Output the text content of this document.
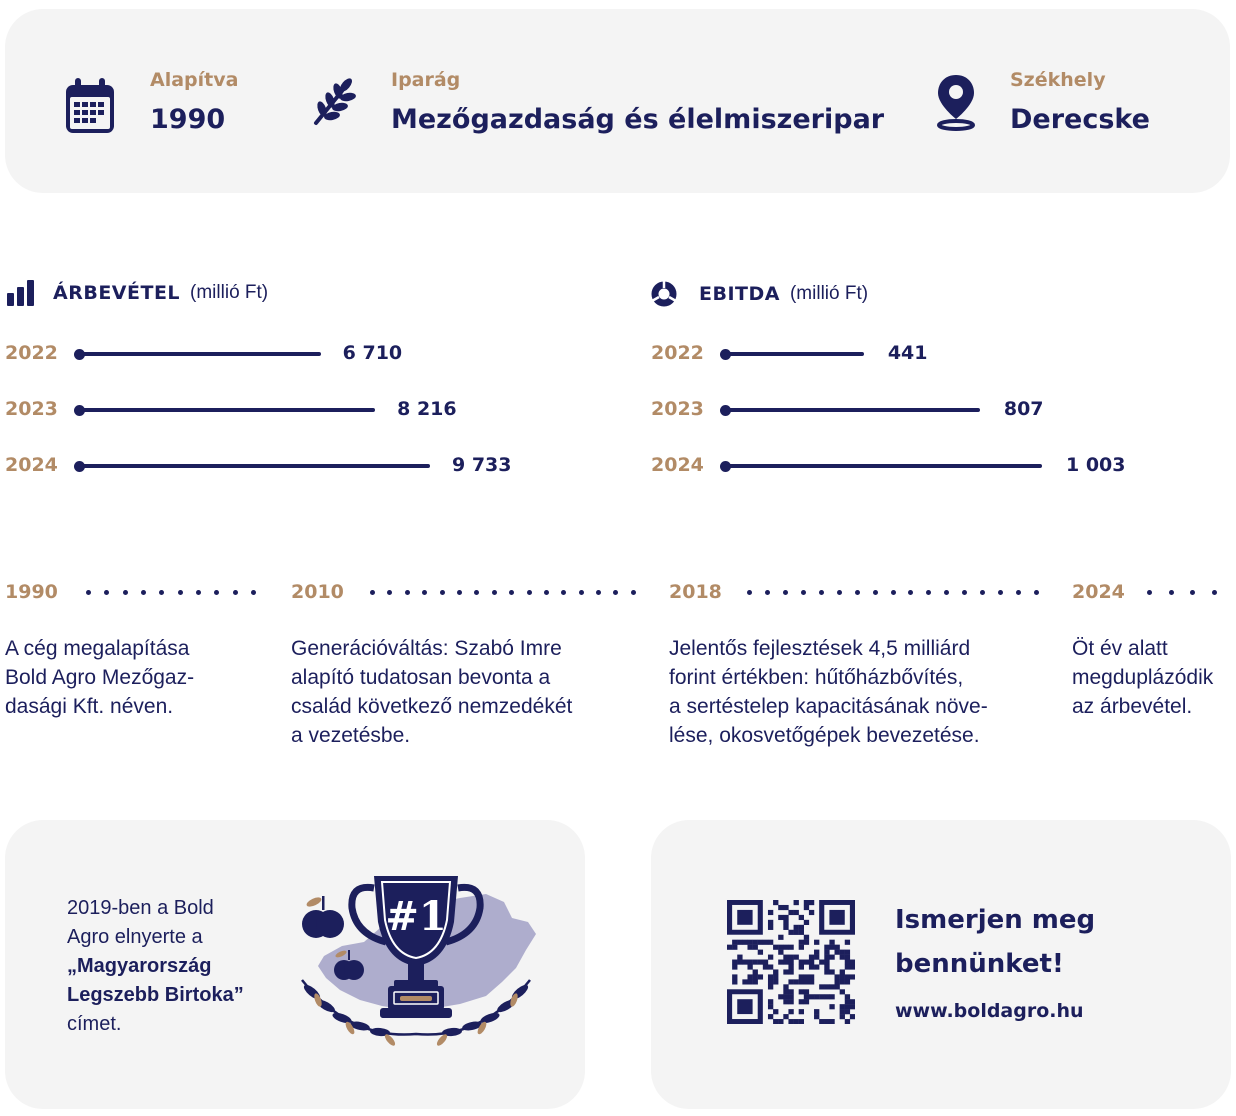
Alapítva
1990
Iparág
Mezőgazdaság és élelmiszeripar
Székhely
Derecske
ÁRBEVÉTEL (millió Ft)	EBITDA (millió Ft)
2022	6 710
2023	8 216
2024	9 733
2022	441
2023	807
2024	1 003
1990
A cég megalapítása
Bold Agro Mezőgaz-
dasági Kft. néven.
2010
Generációváltás: Szabó Imre
alapító tudatosan bevonta a
család következő nemzedékét
a vezetésbe.
2018
Jelentős fejlesztések 4,5 milliárd
forint értékben: hűtőházbővítés,
a sertéstelep kapacitásának növe-
lése, okosvetőgépek bevezetése.
2024
Öt év alatt
megduplázódik
az árbevétel.
2019-ben a Bold
Agro elnyerte a
„Magyarország
Legszebb Birtoka”
címet.
#1	Ismerjen meg
bennünket!
www.boldagro.hu
